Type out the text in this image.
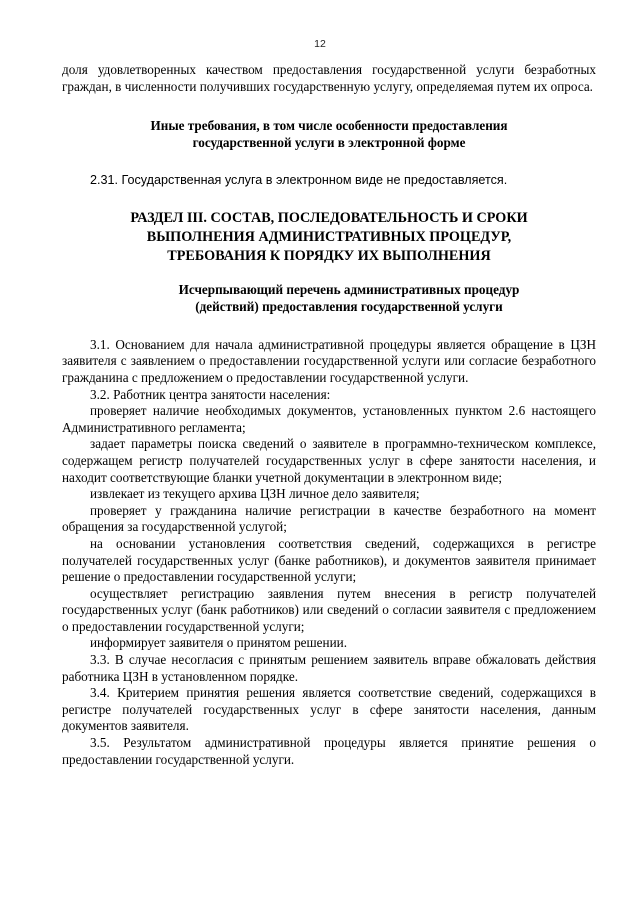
12

доля удовлетворенных качеством предоставления государственной услуги безработных граждан, в численности получивших государственную услугу, определяемая путем их опроса.

Иные требования, в том числе особенности предоставления
государственной услуги в электронной форме

2.31. Государственная услуга в электронном виде не предоставляется.

РАЗДЕЛ III. СОСТАВ, ПОСЛЕДОВАТЕЛЬНОСТЬ И СРОКИ
ВЫПОЛНЕНИЯ АДМИНИСТРАТИВНЫХ ПРОЦЕДУР,
ТРЕБОВАНИЯ К ПОРЯДКУ ИХ ВЫПОЛНЕНИЯ
Исчерпывающий перечень административных процедур
(действий) предоставления государственной услуги

3.1. Основанием для начала административной процедуры является обращение в ЦЗН заявителя с заявлением о предоставлении государственной услуги или согласие безработного гражданина с предложением о предоставлении государственной услуги.

3.2. Работник центра занятости населения:

проверяет наличие необходимых документов, установленных пунктом 2.6 настоящего Административного регламента;

задает параметры поиска сведений о заявителе в программно-техническом комплексе, содержащем регистр получателей государственных услуг в сфере занятости населения, и находит соответствующие бланки учетной документации в электронном виде;

извлекает из текущего архива ЦЗН личное дело заявителя;

проверяет у гражданина наличие регистрации в качестве безработного на момент обращения за государственной услугой;

на основании установления соответствия сведений, содержащихся в регистре получателей государственных услуг (банке работников), и документов заявителя принимает решение о предоставлении государственной услуги;

осуществляет регистрацию заявления путем внесения в регистр получателей государственных услуг (банк работников) или сведений о согласии заявителя с предложением о предоставлении государственной услуги;

информирует заявителя о принятом решении.

3.3. В случае несогласия с принятым решением заявитель вправе обжаловать действия работника ЦЗН в установленном порядке.

3.4. Критерием принятия решения является соответствие сведений, содержащихся в регистре получателей государственных услуг в сфере занятости населения, данным документов заявителя.

3.5. Результатом административной процедуры является принятие решения о предоставлении государственной услуги.
